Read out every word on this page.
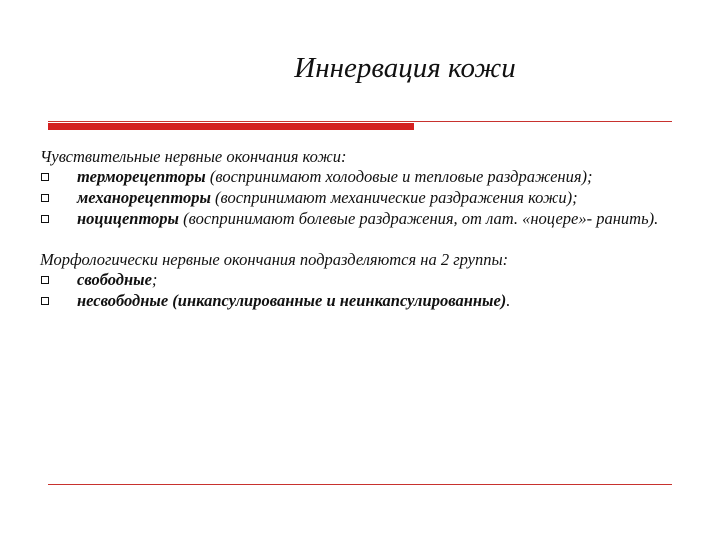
Иннервация кожи

Чувствительные нервные окончания кожи:

терморецепторы (воспринимают холодовые и тепловые раздражения);
механорецепторы (воспринимают механические раздражения кожи);
ноцицепторы (воспринимают болевые раздражения, от лат. «ноцере»- ранить).

Морфологически нервные окончания подразделяются на 2 группы:

свободные;
несвободные (инкапсулированные и неинкапсулированные).
